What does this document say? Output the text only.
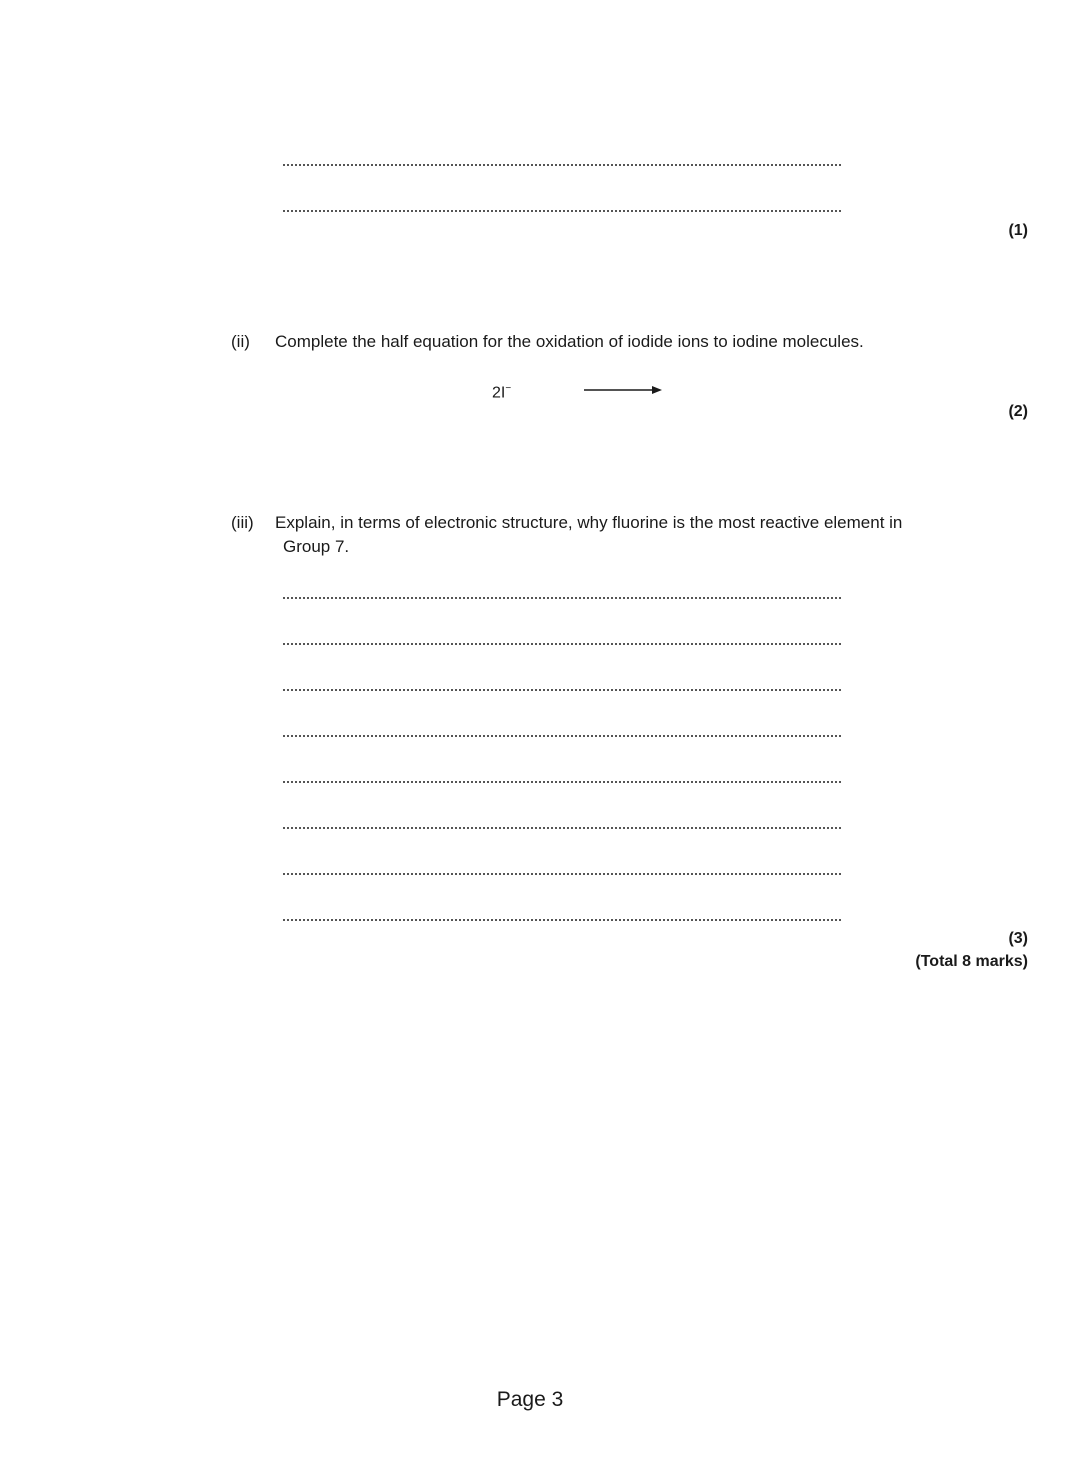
(1)
(ii) Complete the half equation for the oxidation of iodide ions to iodine molecules.
2I−
(2)
(iii) Explain, in terms of electronic structure, why fluorine is the most reactive element in
Group 7.
(3)
(Total 8 marks)
Page 3
